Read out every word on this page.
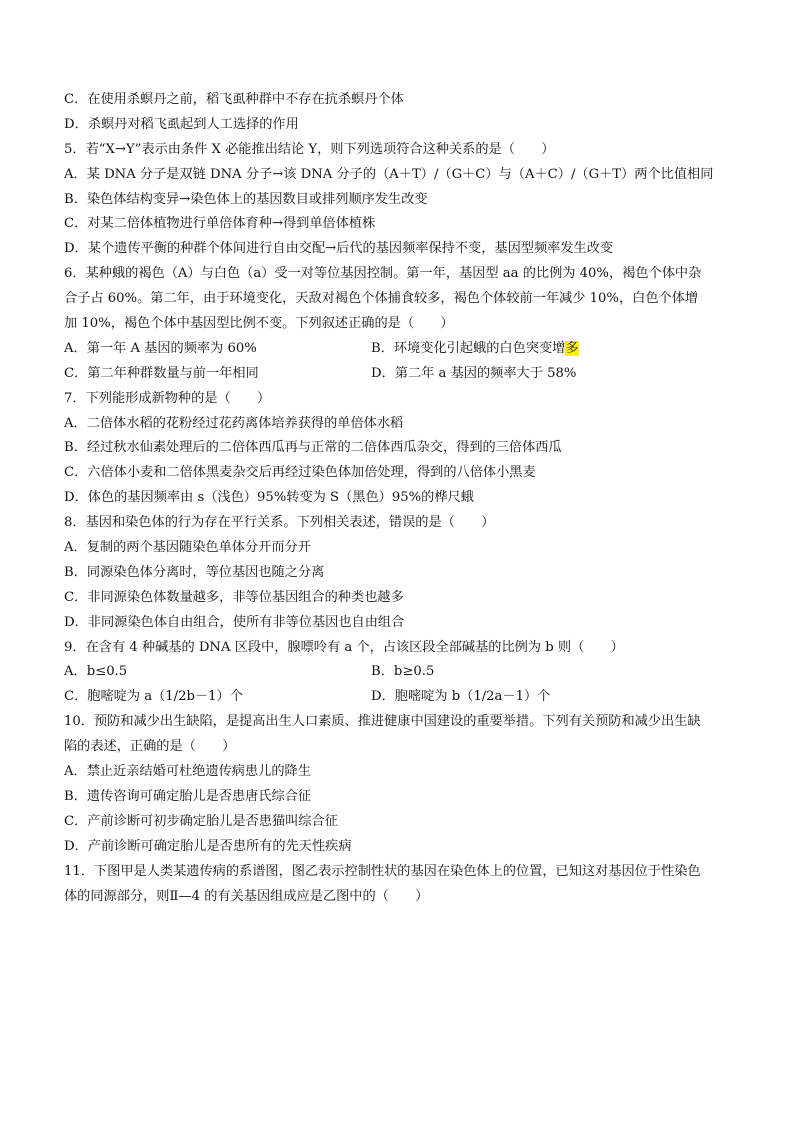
C．在使用杀螟丹之前，稻飞虱种群中不存在抗杀螟丹个体
D．杀螟丹对稻飞虱起到人工选择的作用
5．若“X→Y”表示由条件 X 必能推出结论 Y，则下列选项符合这种关系的是（　　）
A．某 DNA 分子是双链 DNA 分子→该 DNA 分子的（A＋T）/（G＋C）与（A＋C）/（G＋T）两个比值相同
B．染色体结构变异→染色体上的基因数目或排列顺序发生改变
C．对某二倍体植物进行单倍体育种→得到单倍体植株
D．某个遗传平衡的种群个体间进行自由交配→后代的基因频率保持不变，基因型频率发生改变
6．某种蛾的褐色（A）与白色（a）受一对等位基因控制。第一年，基因型 aa 的比例为 40%，褐色个体中杂
合子占 60%。第二年，由于环境变化，天敌对褐色个体捕食较多，褐色个体较前一年减少 10%，白色个体增
加 10%，褐色个体中基因型比例不变。下列叙述正确的是（　　）
A．第一年 A 基因的频率为 60%	B．环境变化引起蛾的白色突变增多
C．第二年种群数量与前一年相同	D．第二年 a 基因的频率大于 58%
7．下列能形成新物种的是（　　）
A．二倍体水稻的花粉经过花药离体培养获得的单倍体水稻
B．经过秋水仙素处理后的二倍体西瓜再与正常的二倍体西瓜杂交，得到的三倍体西瓜
C．六倍体小麦和二倍体黑麦杂交后再经过染色体加倍处理，得到的八倍体小黑麦
D．体色的基因频率由 s（浅色）95%转变为 S（黑色）95%的桦尺蛾
8．基因和染色体的行为存在平行关系。下列相关表述，错误的是（　　）
A．复制的两个基因随染色单体分开而分开
B．同源染色体分离时，等位基因也随之分离
C．非同源染色体数量越多，非等位基因组合的种类也越多
D．非同源染色体自由组合，使所有非等位基因也自由组合
9．在含有 4 种碱基的 DNA 区段中，腺嘌呤有 a 个，占该区段全部碱基的比例为 b 则（　　）
A．b≤0.5	B．b≥0.5
C．胞嘧啶为 a（1/2b－1）个	D．胞嘧啶为 b（1/2a－1）个
10．预防和减少出生缺陷，是提高出生人口素质、推进健康中国建设的重要举措。下列有关预防和减少出生缺
陷的表述，正确的是（　　）
A．禁止近亲结婚可杜绝遗传病患儿的降生
B．遗传咨询可确定胎儿是否患唐氏综合征
C．产前诊断可初步确定胎儿是否患猫叫综合征
D．产前诊断可确定胎儿是否患所有的先天性疾病
11．下图甲是人类某遗传病的系谱图，图乙表示控制性状的基因在染色体上的位置，已知这对基因位于性染色
体的同源部分，则Ⅱ—4 的有关基因组成应是乙图中的（　　）
